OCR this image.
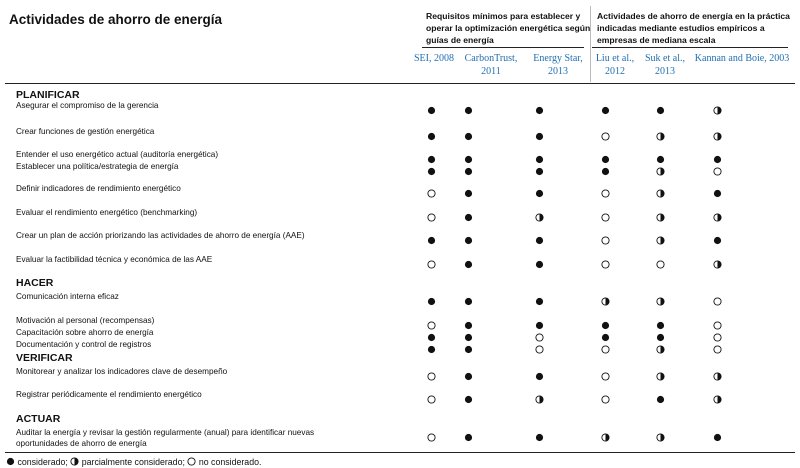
Actividades de ahorro de energía	Requisitos mínimos para establecer y operar la optimización energética según guías de energía
Actividades de ahorro de energía en la práctica indicadas mediante estudios empíricos a empresas de mediana escala
SEI, 2008	CarbonTrust, 2011
Energy Star, 2013
Liu et al., 2012
Suk et al., 2013
Kannan and Boie, 2003
PLANIFICAR
HACER
VERIFICAR
ACTUAR
Asegurar el compromiso de la gerencia
Crear funciones de gestión energética
Entender el uso energético actual (auditoría energética)
Establecer una política/estrategia de energía
Definir indicadores de rendimiento energético
Evaluar el rendimiento energético (benchmarking)
Crear un plan de acción priorizando las actividades de ahorro de energía (AAE)
Evaluar la factibilidad técnica y económica de las AAE
Comunicación interna eficaz
Motivación al personal (recompensas)
Capacitación sobre ahorro de energía
Documentación y control de registros
Monitorear y analizar los indicadores clave de desempeño
Registrar periódicamente el rendimiento energético
Auditar la energía y revisar la gestión regularmente (anual) para identificar nuevas oportunidades de ahorro de energía
considerado; parcialmente considerado; no considerado.
